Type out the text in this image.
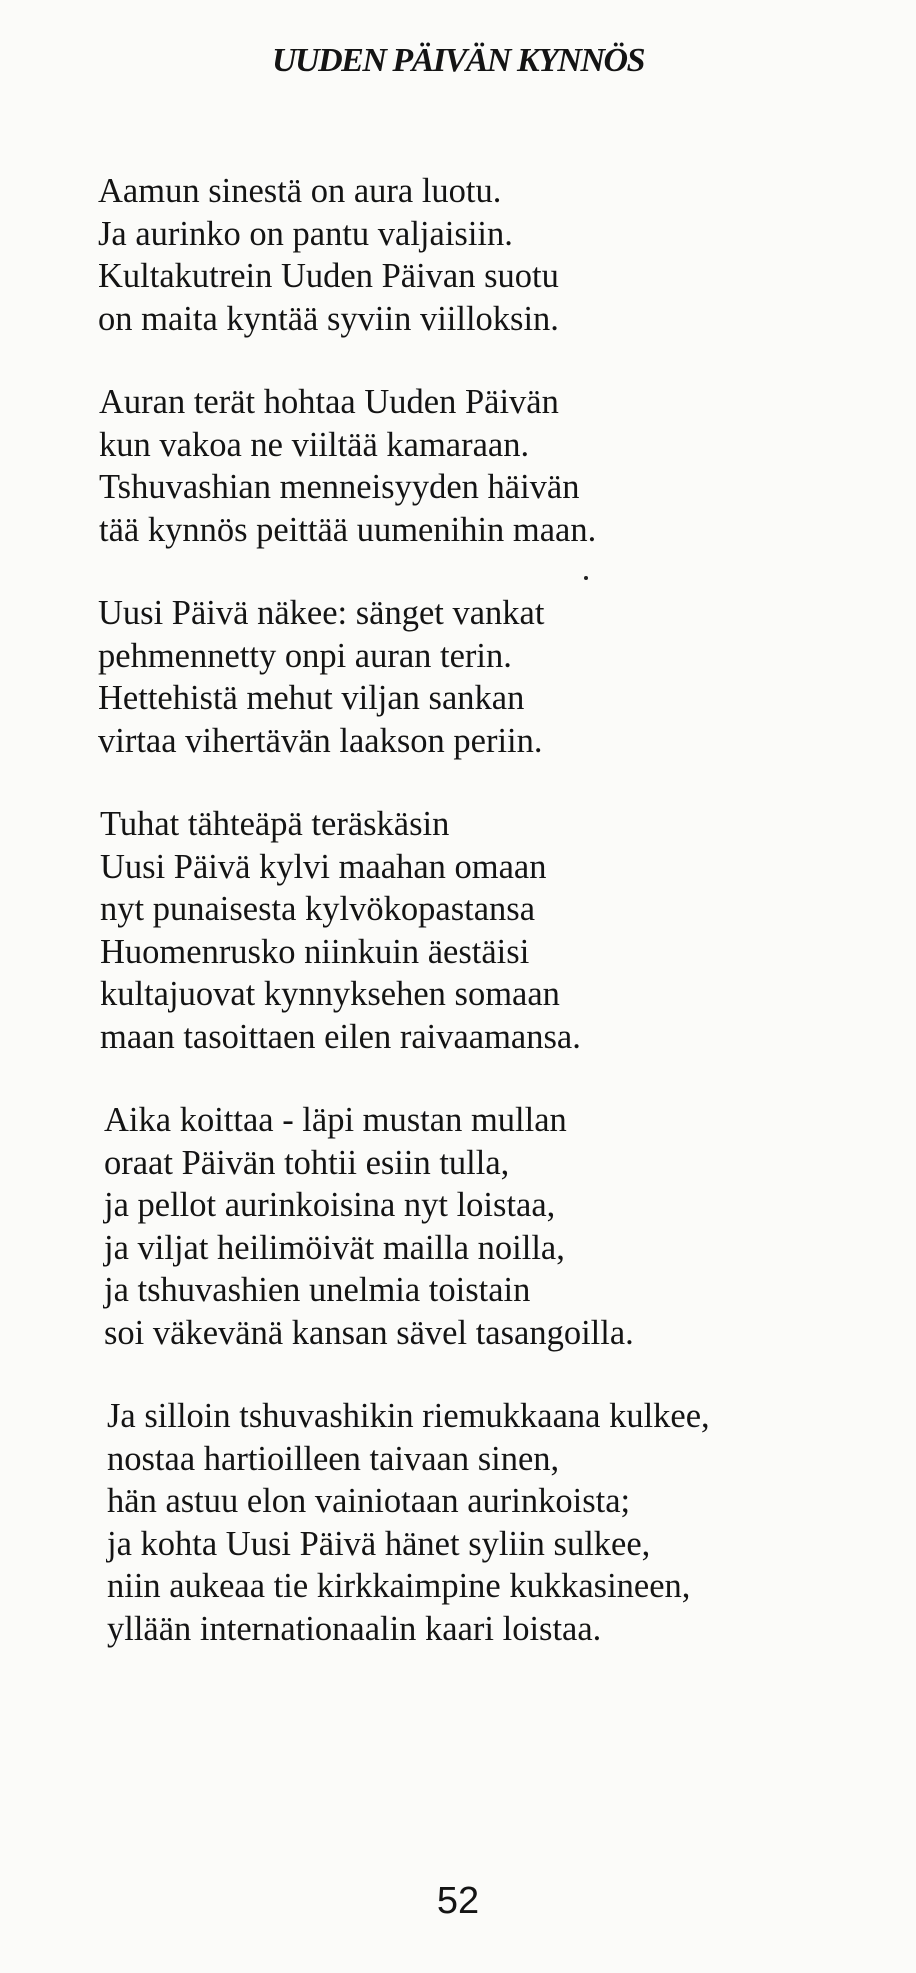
UUDEN PÄIVÄN KYNNÖS

Aamun sinestä on aura luotu.
Ja aurinko on pantu valjaisiin.
Kultakutrein Uuden Päivan suotu
on maita kyntää syviin viilloksin.

Auran terät hohtaa Uuden Päivän
kun vakoa ne viiltää kamaraan.
Tshuvashian menneisyyden häivän
tää kynnös peittää uumenihin maan.

Uusi Päivä näkee: sänget vankat
pehmennetty onpi auran terin.
Hettehistä mehut viljan sankan
virtaa vihertävän laakson periin.

Tuhat tähteäpä teräskäsin
Uusi Päivä kylvi maahan omaan
nyt punaisesta kylvökopastansa
Huomenrusko niinkuin äestäisi
kultajuovat kynnyksehen somaan
maan tasoittaen eilen raivaamansa.

Aika koittaa - läpi mustan mullan
oraat Päivän tohtii esiin tulla,
ja pellot aurinkoisina nyt loistaa,
ja viljat heilimöivät mailla noilla,
ja tshuvashien unelmia toistain
soi väkevänä kansan sävel tasangoilla.

Ja silloin tshuvashikin riemukkaana kulkee,
nostaa hartioilleen taivaan sinen,
hän astuu elon vainiotaan aurinkoista;
ja kohta Uusi Päivä hänet syliin sulkee,
niin aukeaa tie kirkkaimpine kukkasineen,
yllään internationaalin kaari loistaa.

52
